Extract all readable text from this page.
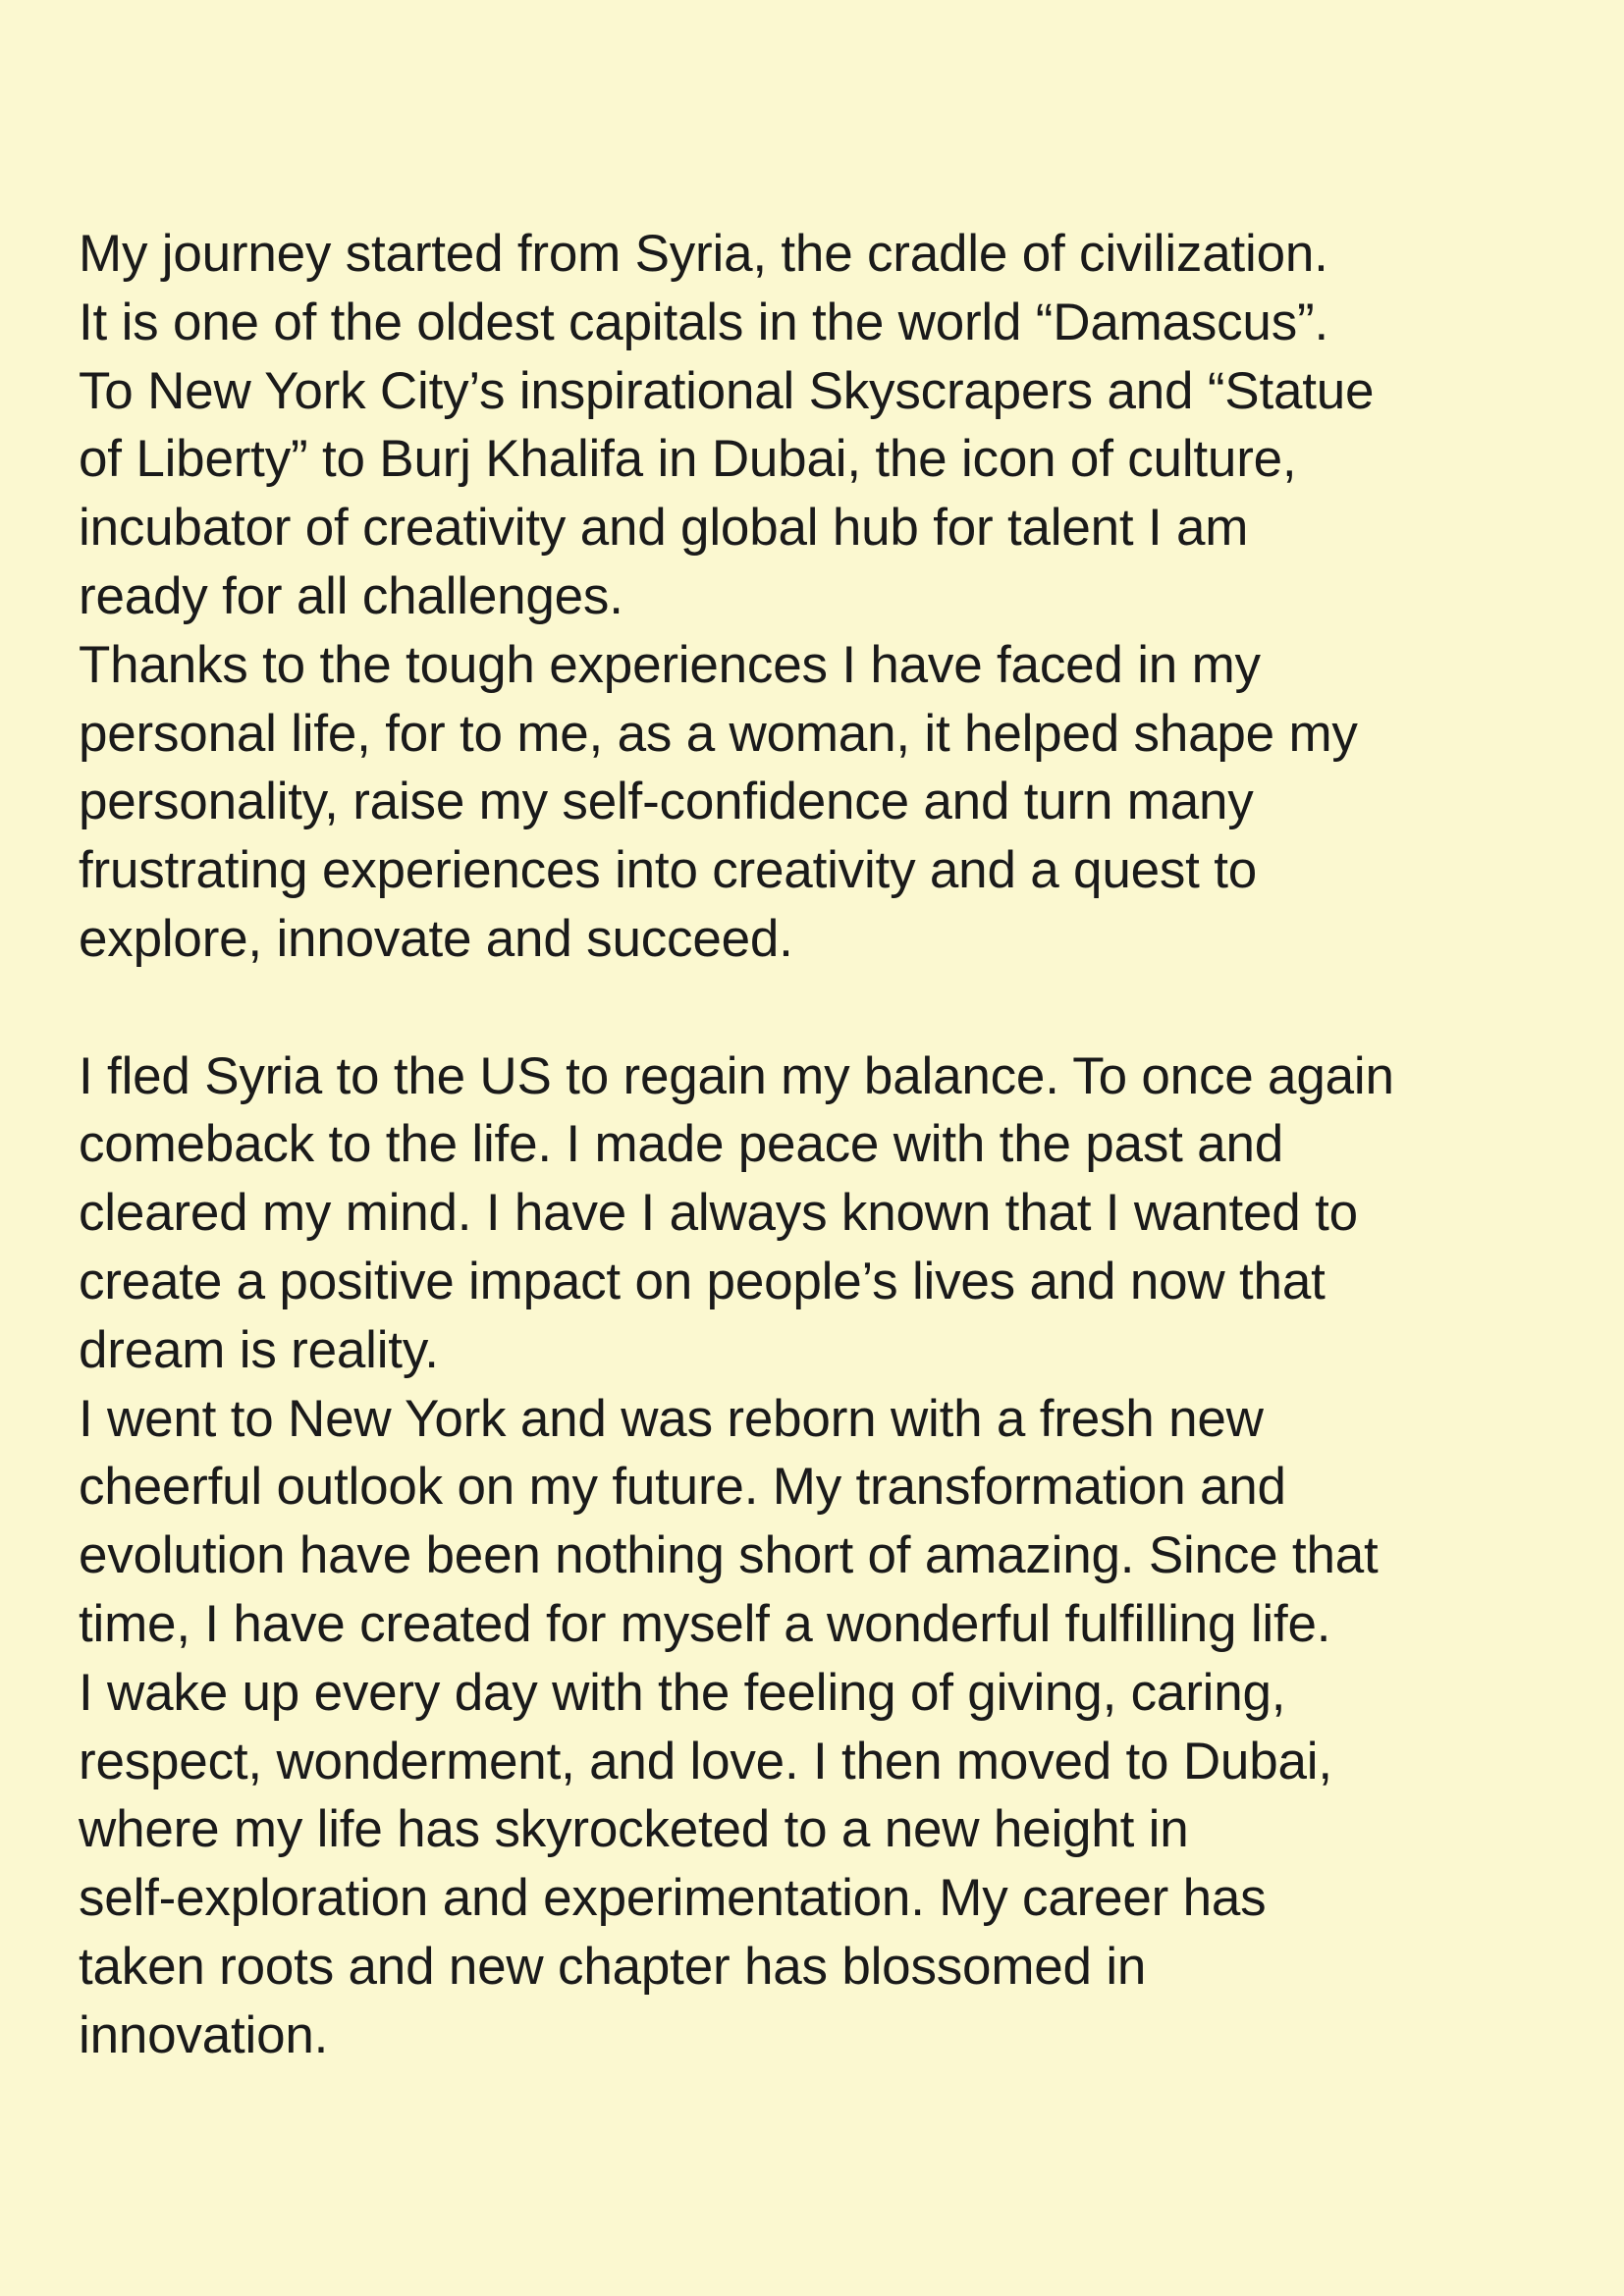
My journey started from Syria, the cradle of civilization.
It is one of the oldest capitals in the world “Damascus”.
To New York City’s inspirational Skyscrapers and “Statue
of Liberty” to Burj Khalifa in Dubai, the icon of culture,
incubator of creativity and global hub for talent I am
ready for all challenges.
Thanks to the tough experiences I have faced in my
personal life, for to me, as a woman, it helped shape my
personality, raise my self-confidence and turn many
frustrating experiences into creativity and a quest to
explore, innovate and succeed.
I fled Syria to the US to regain my balance. To once again
comeback to the life. I made peace with the past and
cleared my mind. I have I always known that I wanted to
create a positive impact on people’s lives and now that
dream is reality.
I went to New York and was reborn with a fresh new
cheerful outlook on my future. My transformation and
evolution have been nothing short of amazing. Since that
time, I have created for myself a wonderful fulfilling life.
I wake up every day with the feeling of giving, caring,
respect, wonderment, and love. I then moved to Dubai,
where my life has skyrocketed to a new height in
self-exploration and experimentation. My career has
taken roots and new chapter has blossomed in
innovation.
